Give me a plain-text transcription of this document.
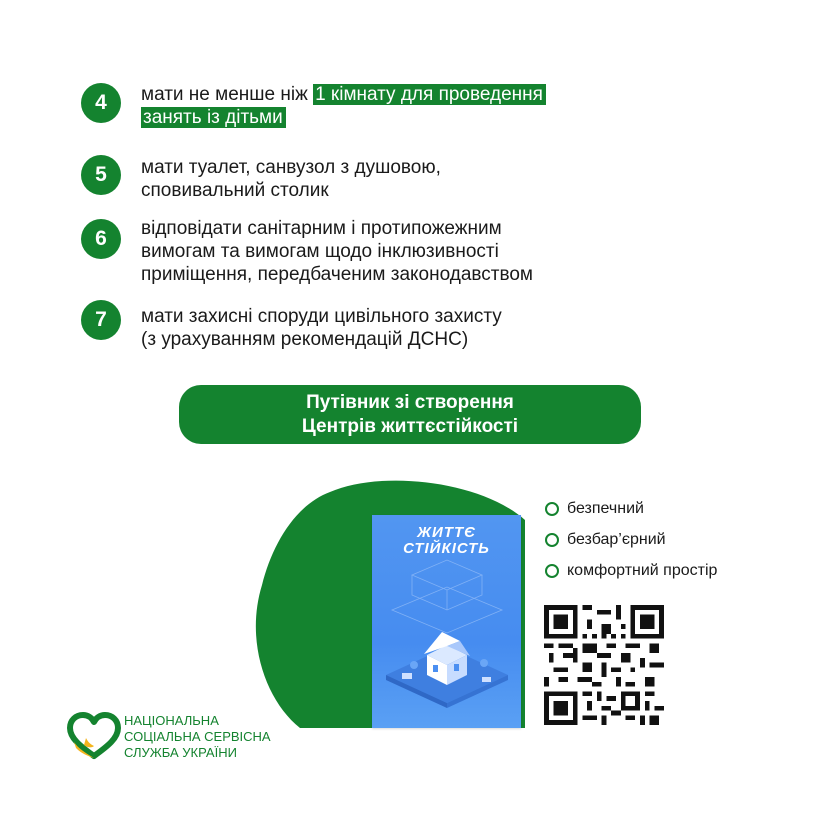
4	мати не менше ніж 1 кімнату для проведення
занять із дітьми
5	мати туалет, санвузол з душовою,
сповивальний столик
6	відповідати санітарним і протипожежним
вимогам та вимогам щодо інклюзивності
приміщення, передбаченим законодавством
7	мати захисні споруди цивільного захисту
(з урахуванням рекомендацій ДСНС)
Путівник зі створення
Центрів життєстійкості
ЖИТТЄ
СТІЙКІСТЬ
безпечний
безбар’єрний
комфортний простір
НАЦІОНАЛЬНА
СОЦІАЛЬНА СЕРВІСНА
СЛУЖБА УКРАЇНИ
